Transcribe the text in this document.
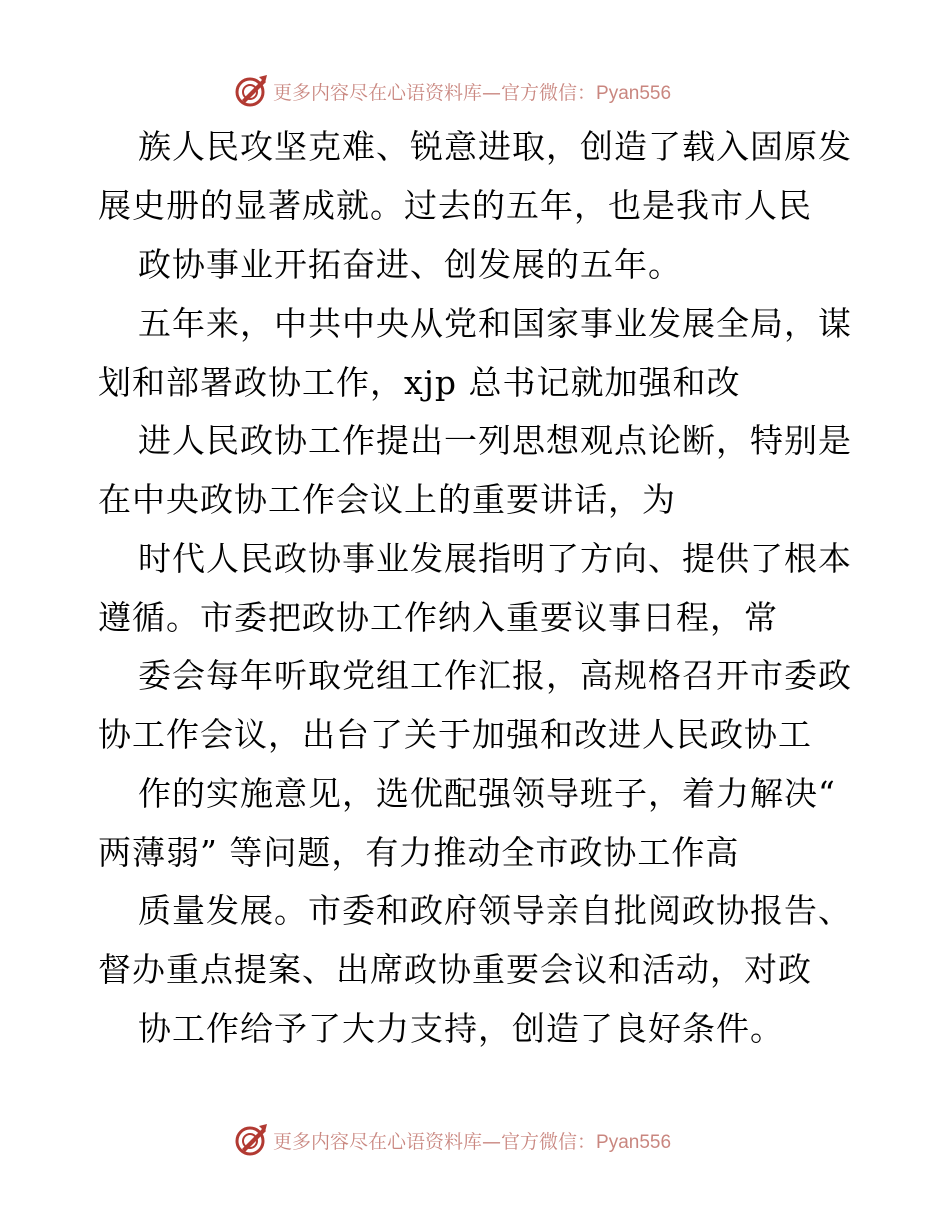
更多内容尽在心语资料库—官方微信：Pyan556
族人民攻坚克难、锐意进取，创造了载入固原发
展史册的显著成就。过去的五年，也是我市人民
政协事业开拓奋进、创发展的五年。
五年来，中共中央从党和国家事业发展全局，谋
划和部署政协工作，xjp 总书记就加强和改
进人民政协工作提出一列思想观点论断，特别是
在中央政协工作会议上的重要讲话，为
时代人民政协事业发展指明了方向、提供了根本
遵循。市委把政协工作纳入重要议事日程，常
委会每年听取党组工作汇报，高规格召开市委政
协工作会议，出台了关于加强和改进人民政协工
作的实施意见，选优配强领导班子，着力解决“
两薄弱” 等问题，有力推动全市政协工作高
质量发展。市委和政府领导亲自批阅政协报告、
督办重点提案、出席政协重要会议和活动，对政
协工作给予了大力支持，创造了良好条件。
更多内容尽在心语资料库—官方微信：Pyan556
